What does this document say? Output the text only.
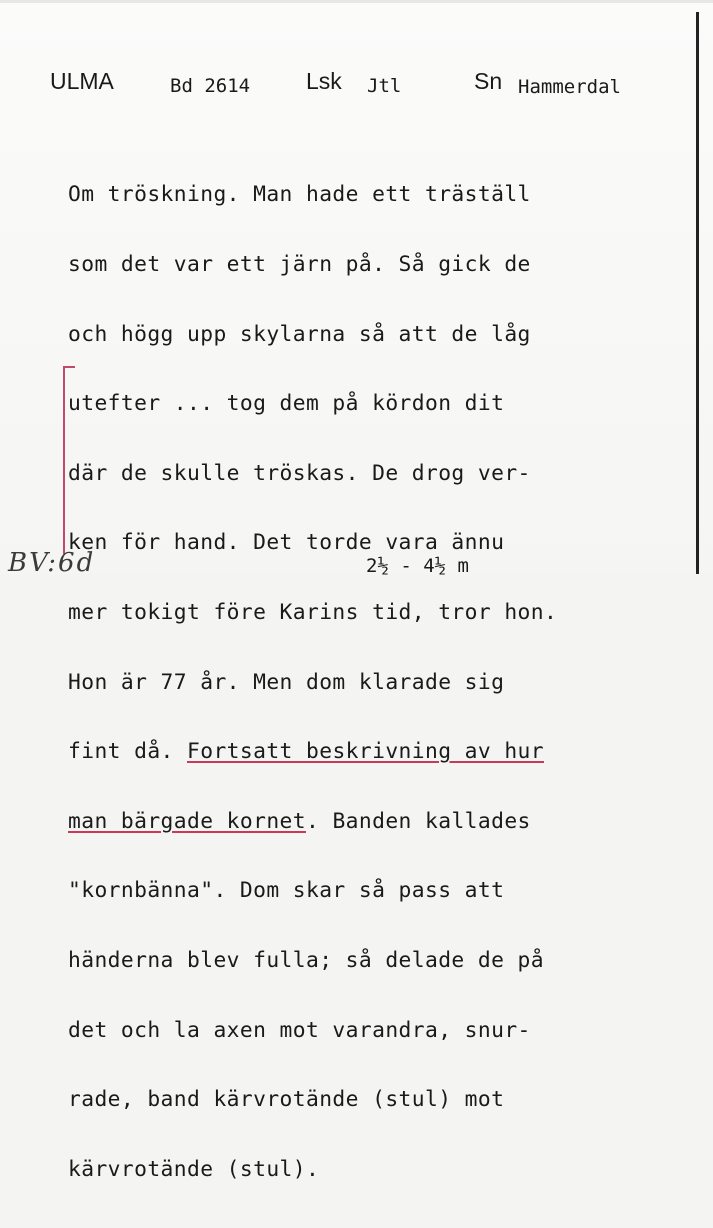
ULMA	Bd 2614 Lsk Jtl	Sn Hammerdal

Om tröskning. Man hade ett träställ

som det var ett järn på. Så gick de

och högg upp skylarna så att de låg

utefter ... tog dem på kördon dit

där de skulle tröskas. De drog ver-

ken för hand. Det torde vara ännu

mer tokigt före Karins tid, tror hon.

Hon är 77 år. Men dom klarade sig

fint då. Fortsatt beskrivning av hur

man bärgade kornet. Banden kallades

"kornbänna". Dom skar så pass att

händerna blev fulla; så delade de på

det och la axen mot varandra, snur-

rade, band kärvrotände (stul) mot

kärvrotände (stul).

BV:6d	2½ - 4½ m
